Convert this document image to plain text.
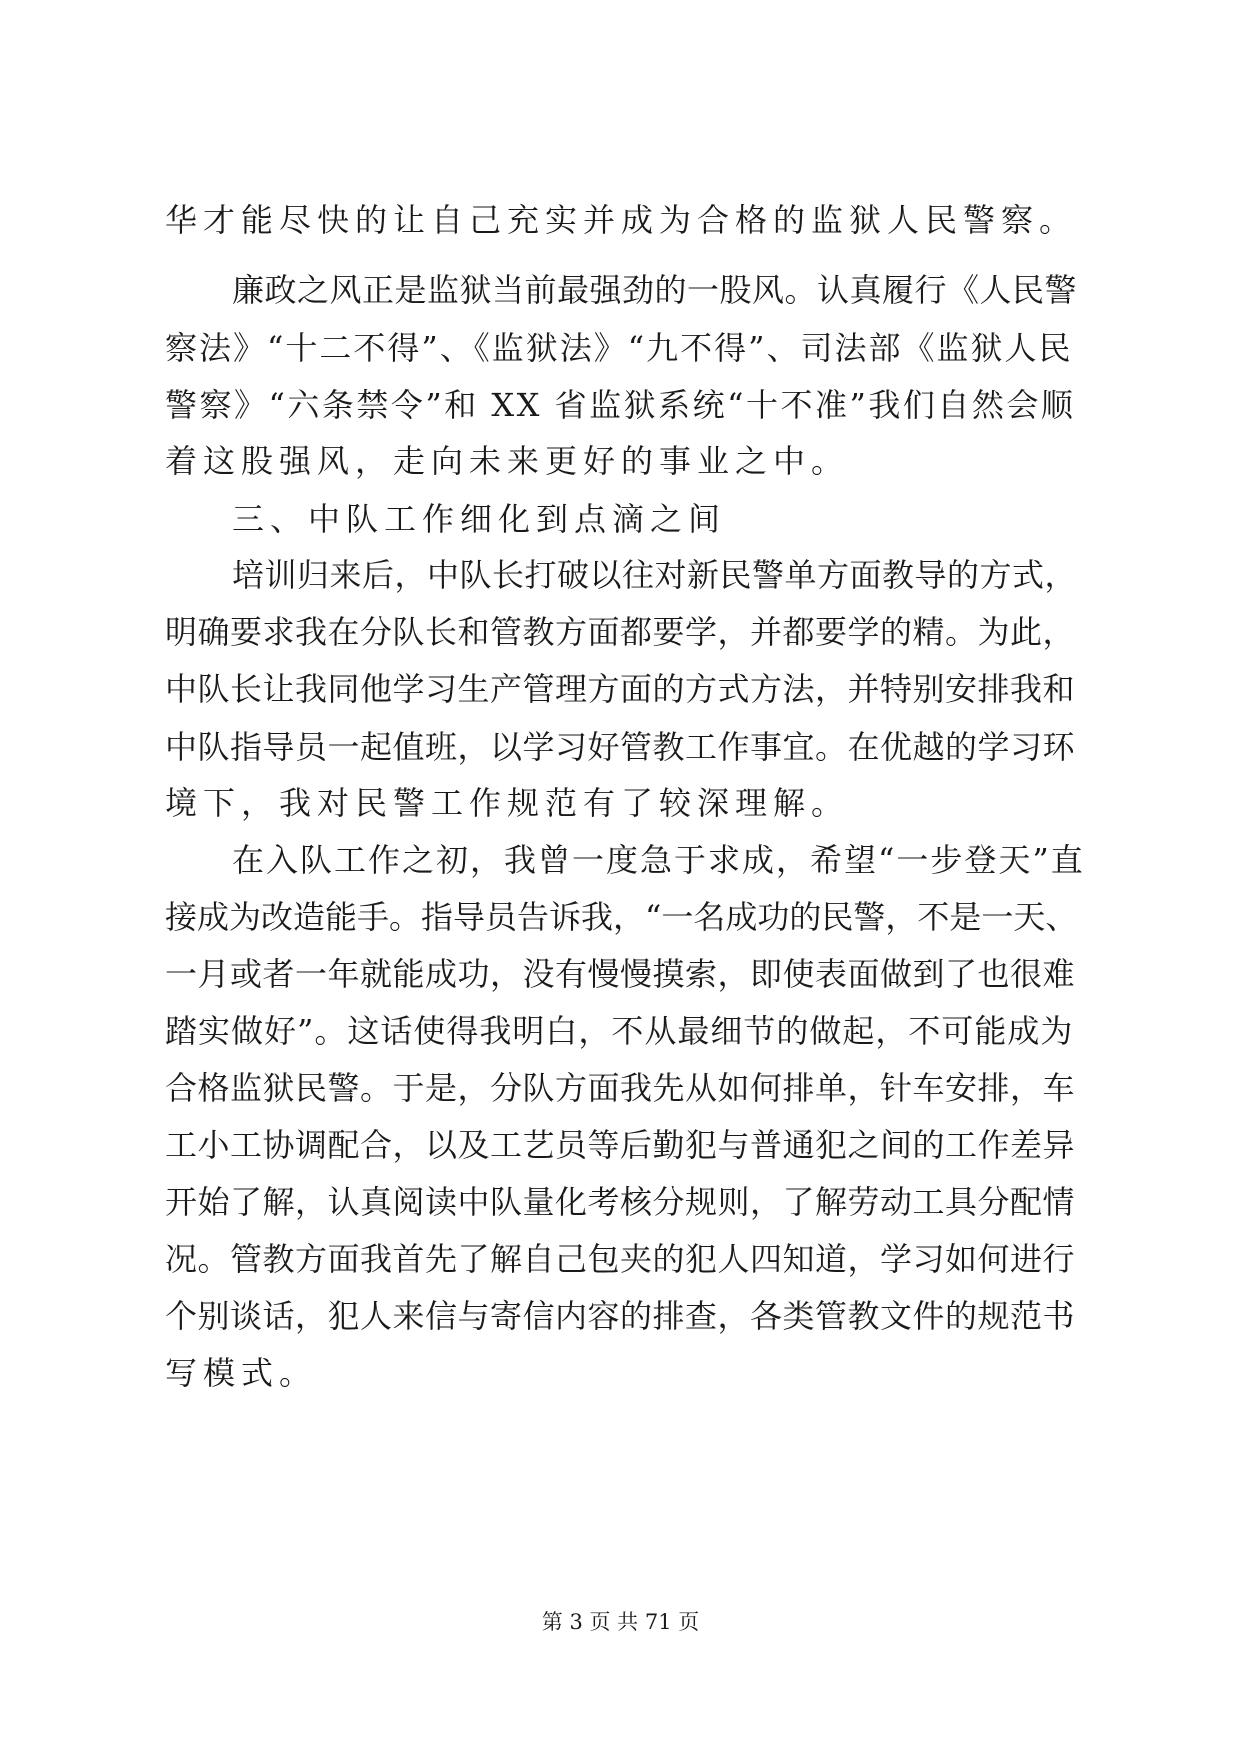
华才能尽快的让自己充实并成为合格的监狱人民警察。
廉政之风正是监狱当前最强劲的一股风。认真履行《人民警
察法》“十二不得”、《监狱法》“九不得”、司法部《监狱人民
警察》“六条禁令”和 XX 省监狱系统“十不准”我们自然会顺
着这股强风，走向未来更好的事业之中。
三、中队工作细化到点滴之间
培训归来后，中队长打破以往对新民警单方面教导的方式，
明确要求我在分队长和管教方面都要学，并都要学的精。为此，
中队长让我同他学习生产管理方面的方式方法，并特别安排我和
中队指导员一起值班，以学习好管教工作事宜。在优越的学习环
境下，我对民警工作规范有了较深理解。
在入队工作之初，我曾一度急于求成，希望“一步登天”直
接成为改造能手。指导员告诉我，“一名成功的民警，不是一天、
一月或者一年就能成功，没有慢慢摸索，即使表面做到了也很难
踏实做好”。这话使得我明白，不从最细节的做起，不可能成为
合格监狱民警。于是，分队方面我先从如何排单，针车安排，车
工小工协调配合，以及工艺员等后勤犯与普通犯之间的工作差异
开始了解，认真阅读中队量化考核分规则，了解劳动工具分配情
况。管教方面我首先了解自己包夹的犯人四知道，学习如何进行
个别谈话，犯人来信与寄信内容的排查，各类管教文件的规范书
写模式。
第 3 页 共 71 页
